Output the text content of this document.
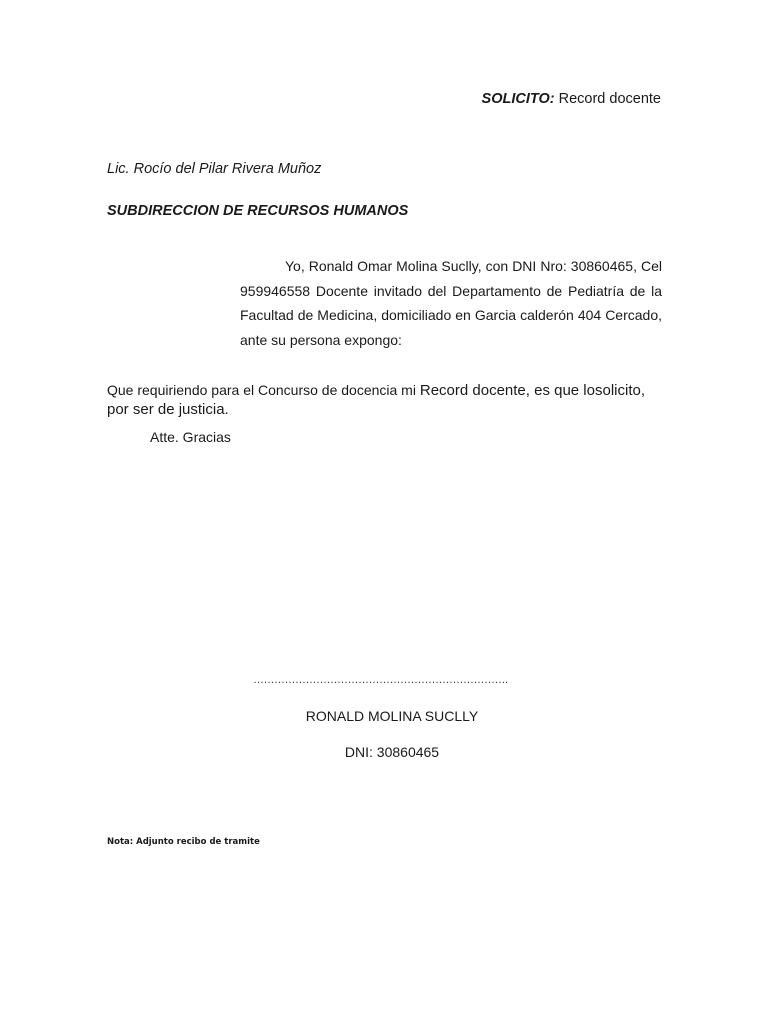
SOLICITO: Record docente
Lic. Rocío del Pilar Rivera Muñoz
SUBDIRECCION DE RECURSOS HUMANOS
Yo, Ronald Omar Molina Suclly, con DNI Nro: 30860465, Cel 959946558 Docente invitado del Departamento de Pediatría de la Facultad de Medicina, domiciliado en Garcia calderón 404 Cercado, ante su persona expongo:
Que requiriendo para el Concurso de docencia mi Record docente, es que losolicito, por ser de justicia.
Atte. Gracias
……………………………………………………………….
RONALD MOLINA SUCLLY
DNI: 30860465
Nota: Adjunto recibo de tramite
